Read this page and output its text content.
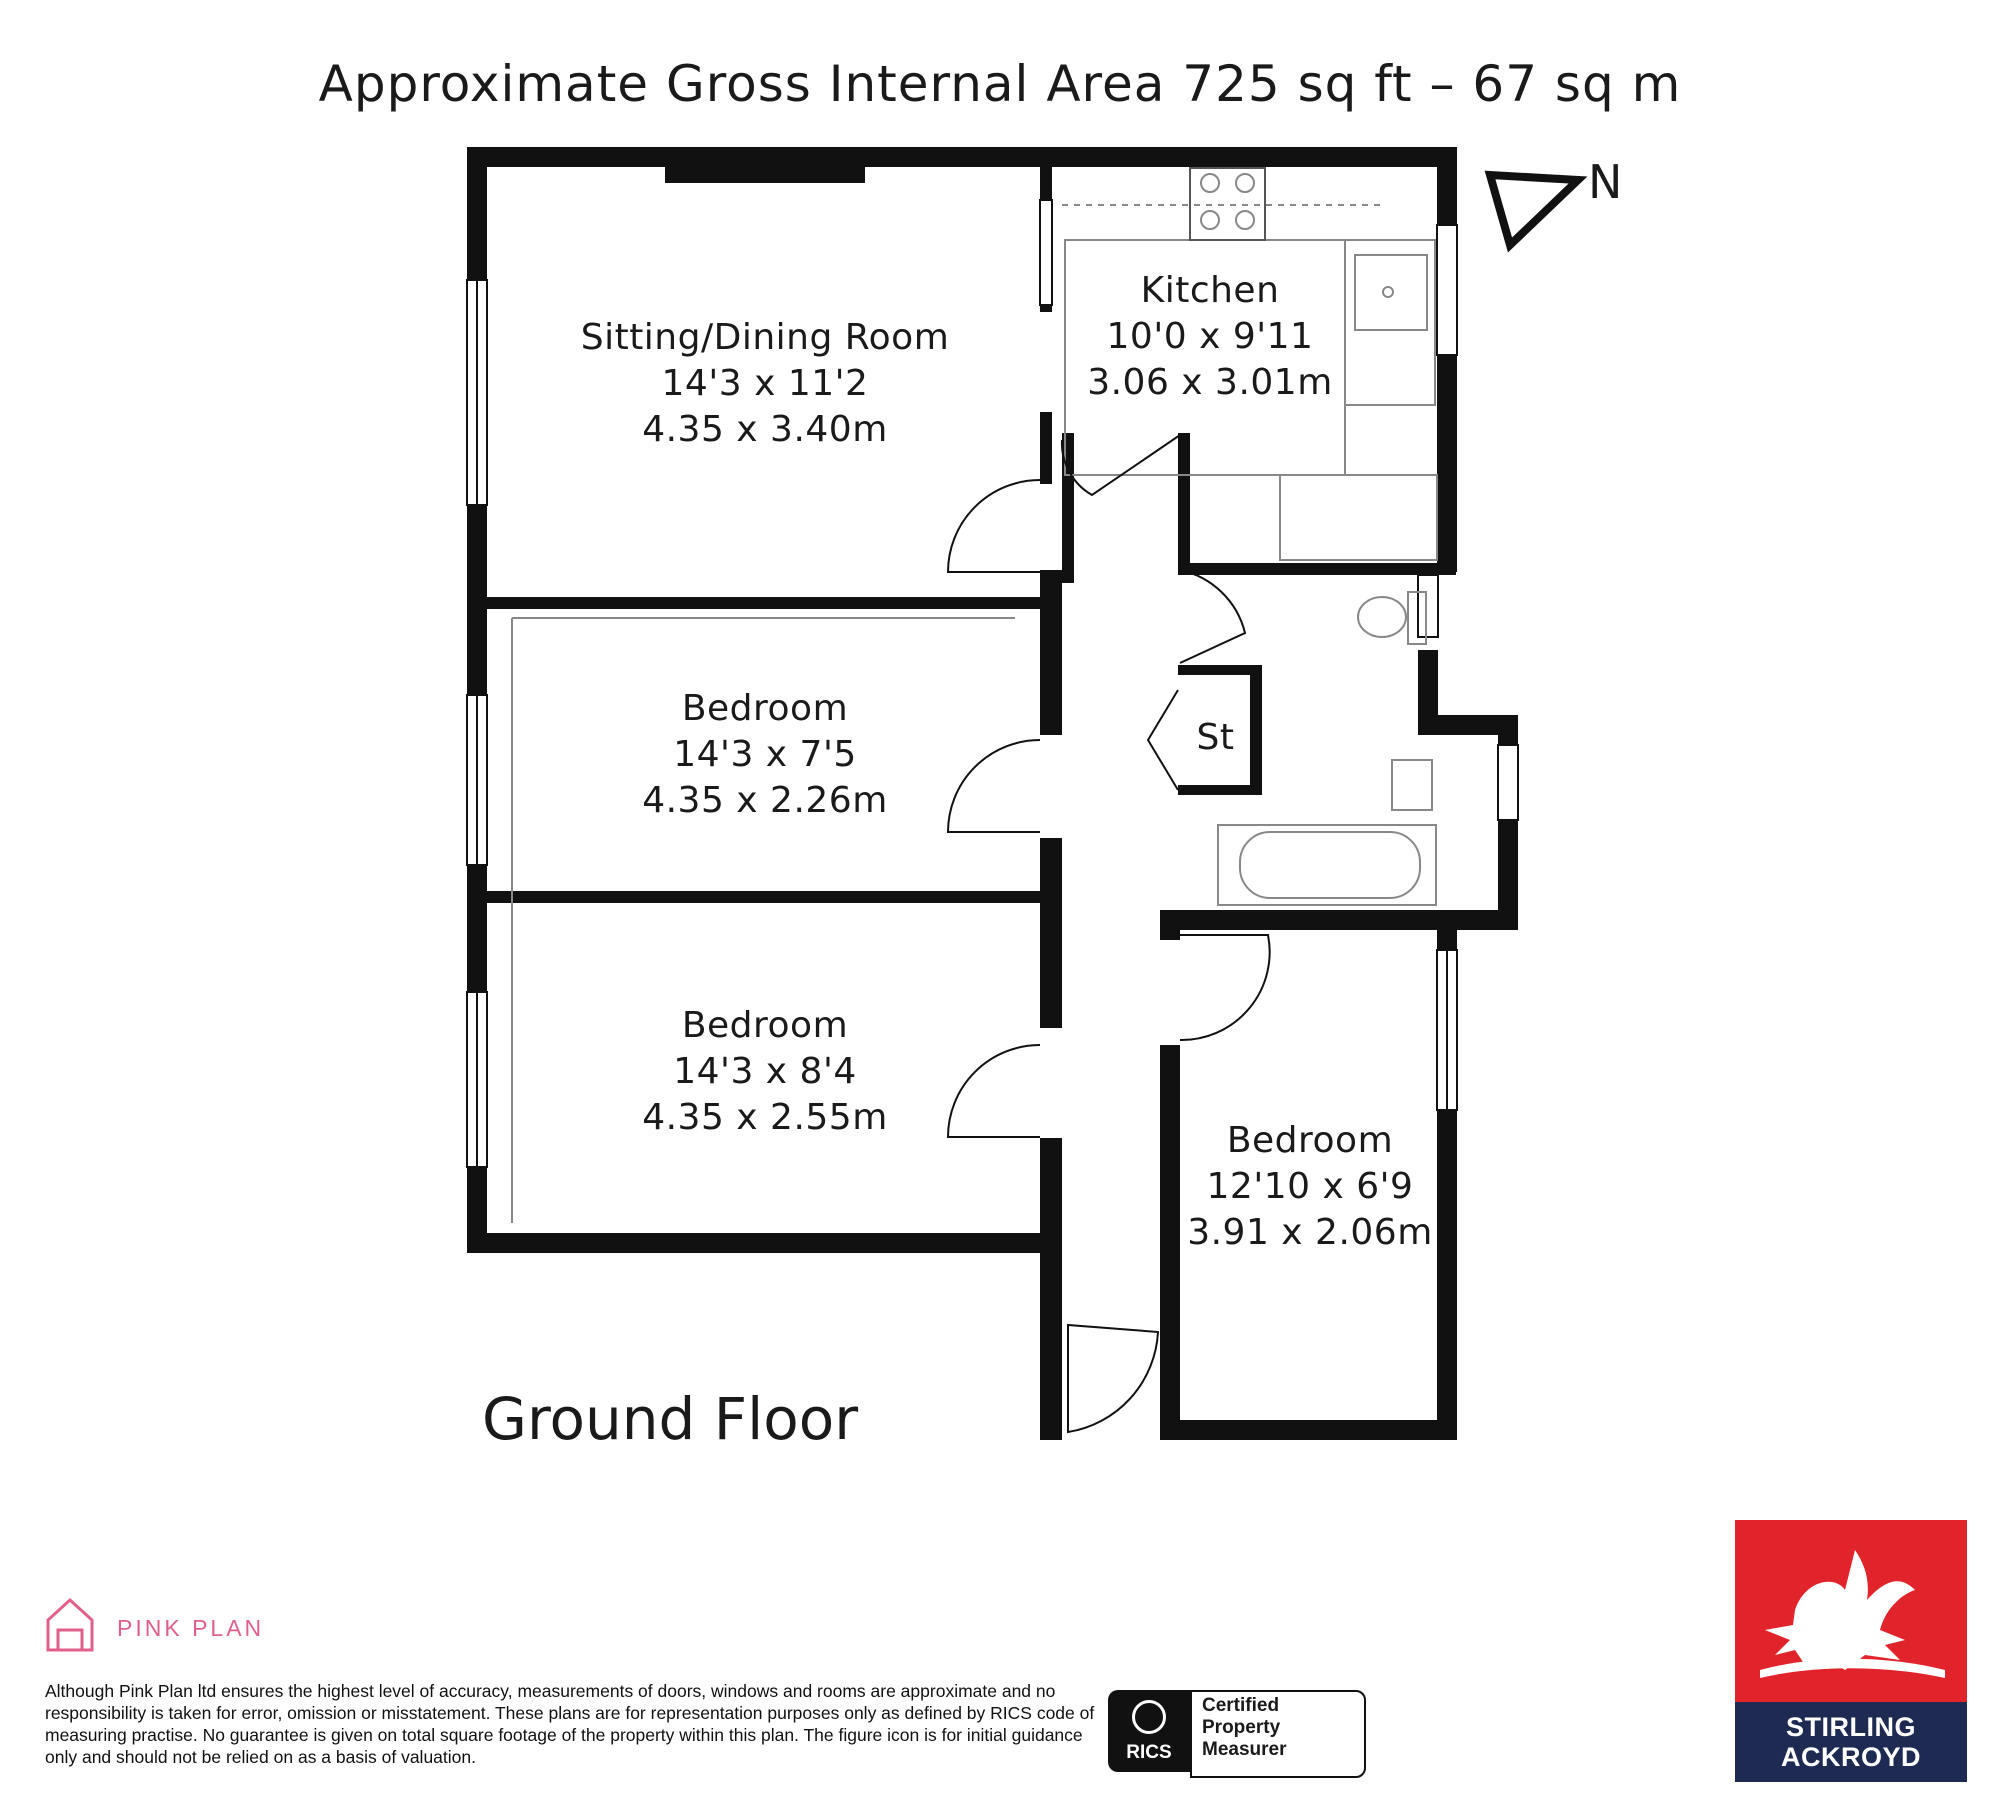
Approximate Gross Internal Area 725 sq ft – 67 sq m
Sitting/Dining Room
14'3 x 11'2
4.35 x 3.40m
Kitchen
10'0 x 9'11
3.06 x 3.01m
Bedroom
14'3 x 7'5
4.35 x 2.26m
Bedroom
14'3 x 8'4
4.35 x 2.55m
Bedroom
12'10 x 6'9
3.91 x 2.06m
St
N
Ground Floor
PINK PLAN
Although Pink Plan ltd ensures the highest level of accuracy, measurements of doors, windows and rooms are approximate and no responsibility is taken for error, omission or misstatement. These plans are for representation purposes only as defined by RICS code of measuring practise. No guarantee is given on total square footage of the property within this plan. The figure icon is for initial guidance only and should not be relied on as a basis of valuation.	RICS
Certified
Property
Measurer
STIRLING
ACKROYD
